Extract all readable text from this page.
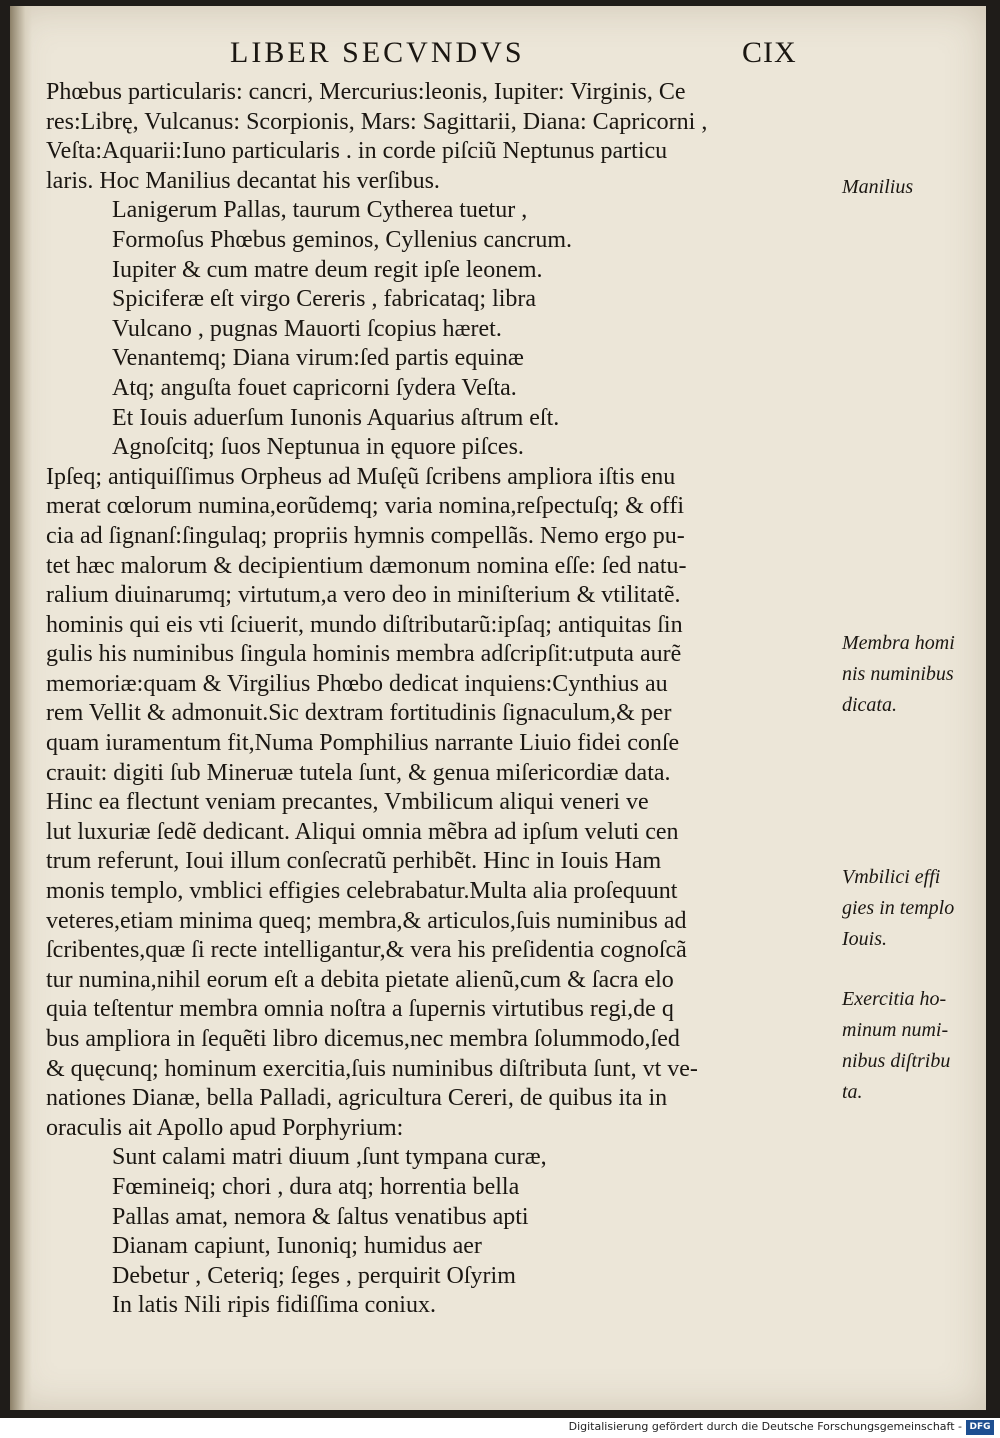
LIBER SECVNDVS	CIX
Phœbus particularis: cancri, Mercurius:leonis, Iupiter: Virginis, Ce
res:Librę, Vulcanus: Scorpionis, Mars: Sagittarii, Diana: Capricorni ,
Veſta:Aquarii:Iuno particularis . in corde piſciũ Neptunus particu
laris. Hoc Manilius decantat his verſibus.
Lanigerum Pallas, taurum Cytherea tuetur ,
Formoſus Phœbus geminos, Cyllenius cancrum.
Iupiter & cum matre deum regit ipſe leonem.
Spiciferæ eſt virgo Cereris , fabricataq; libra
Vulcano , pugnas Mauorti ſcopius hæret.
Venantemq; Diana virum:ſed partis equinæ
Atq; anguſta fouet capricorni ſydera Veſta.
Et Iouis aduerſum Iunonis Aquarius aſtrum eſt.
Agnoſcitq; ſuos Neptunua in ęquore piſces.
Ipſeq; antiquiſſimus Orpheus ad Muſęũ ſcribens ampliora iſtis enu
merat cœlorum numina,eorũdemq; varia nomina,reſpectuſq; & offi
cia ad ſignanſ:ſingulaq; propriis hymnis compellãs. Nemo ergo pu-
tet hæc malorum & decipientium dæmonum nomina eſſe: ſed natu-
ralium diuinarumq; virtutum,a vero deo in miniſterium & vtilitatẽ.
hominis qui eis vti ſciuerit, mundo diſtributarũ:ipſaq; antiquitas ſin
gulis his numinibus ſingula hominis membra adſcripſit:utputa aurẽ
memoriæ:quam & Virgilius Phœbo dedicat inquiens:Cynthius au
rem Vellit & admonuit.Sic dextram fortitudinis ſignaculum,& per
quam iuramentum fit,Numa Pomphilius narrante Liuio fidei conſe
crauit: digiti ſub Mineruæ tutela ſunt, & genua miſericordiæ data.
Hinc ea flectunt veniam precantes, Vmbilicum aliqui veneri ve
lut luxuriæ ſedẽ dedicant. Aliqui omnia mẽbra ad ipſum veluti cen
trum referunt, Ioui illum conſecratũ perhibẽt. Hinc in Iouis Ham
monis templo, vmblici effigies celebrabatur.Multa alia proſequunt
veteres,etiam minima queq; membra,& articulos,ſuis numinibus ad
ſcribentes,quæ ſi recte intelligantur,& vera his preſidentia cognoſcã
tur numina,nihil eorum eſt a debita pietate alienũ,cum & ſacra elo
quia teſtentur membra omnia noſtra a ſupernis virtutibus regi,de q
bus ampliora in ſequẽti libro dicemus,nec membra ſolummodo,ſed
& quęcunq; hominum exercitia,ſuis numinibus diſtributa ſunt, vt ve-
nationes Dianæ, bella Palladi, agricultura Cereri, de quibus ita in
oraculis ait Apollo apud Porphyrium:
Sunt calami matri diuum ,ſunt tympana curæ,
Fœmineiq; chori , dura atq; horrentia bella
Pallas amat, nemora & ſaltus venatibus apti
Dianam capiunt, Iunoniq; humidus aer
Debetur , Ceteriq; ſeges , perquirit Oſyrim
In latis Nili ripis fidiſſima coniux.
Manilius
Membra homi
nis numinibus
dicata.
Vmbilici effi
gies in templo
Iouis.
Exercitia ho-
minum numi-
nibus diſtribu
ta.
Digitalisierung gefördert durch die Deutsche Forschungsgemeinschaft - DFG
